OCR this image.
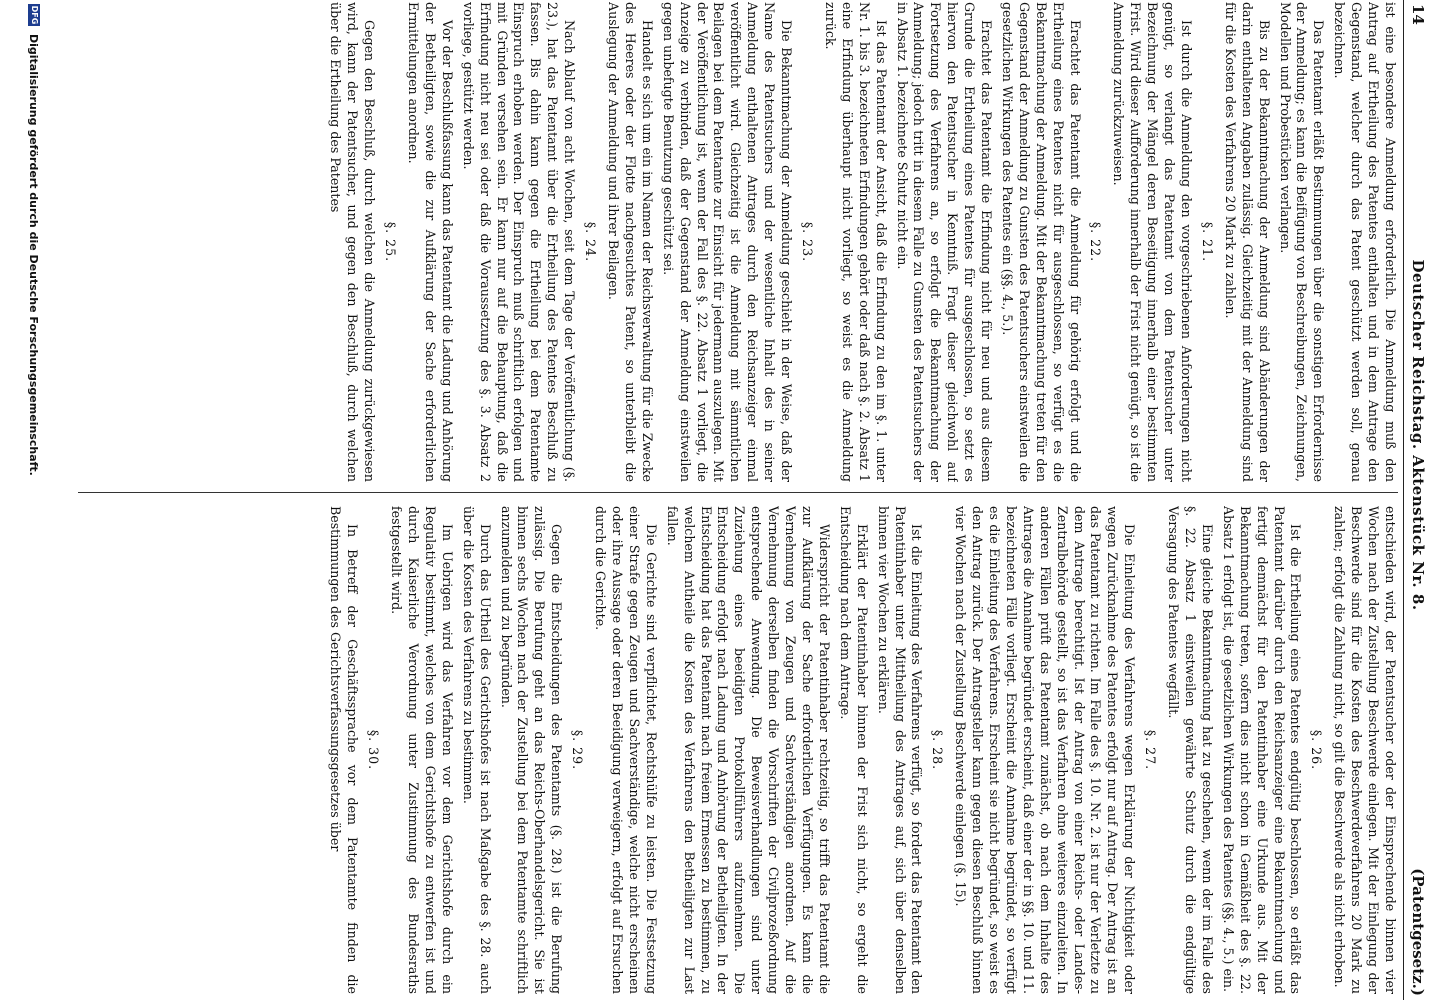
14
Deutscher Reichstag. Aktenstück Nr. 8.
(Patentgesetz.)

ist eine besondere Anmeldung erforderlich. Die Anmeldung muß den Antrag auf Ertheilung des Patentes enthalten und in dem Antrage den Gegenstand, welcher durch das Patent geschützt werden soll, genau bezeichnen.

Das Patentamt erläßt Bestimmungen über die sonstigen Erfordernisse der Anmeldung; es kann die Beifügung von Beschreibungen, Zeichnungen, Modellen und Probestücken verlangen.

Bis zu der Bekanntmachung der Anmeldung sind Abänderungen der darin enthaltenen Angaben zulässig. Gleichzeitig mit der Anmeldung sind für die Kosten des Verfahrens 20 Mark zu zahlen.

§. 21.

Ist durch die Anmeldung den vorgeschriebenen Anforderungen nicht genügt, so verlangt das Patentamt von dem Patentsucher unter Bezeichnung der Mängel deren Beseitigung innerhalb einer bestimmten Frist. Wird dieser Aufforderung innerhalb der Frist nicht genügt, so ist die Anmeldung zurückzuweisen.

§. 22.

Erachtet das Patentamt die Anmeldung für gehörig erfolgt und die Ertheilung eines Patentes nicht für ausgeschlossen, so verfügt es die Bekanntmachung der Anmeldung. Mit der Bekanntmachung treten für den Gegenstand der Anmeldung zu Gunsten des Patentsuchers einstweilen die gesetzlichen Wirkungen des Patentes ein (§§. 4., 5.).

Erachtet das Patentamt die Erfindung nicht für neu und aus diesem Grunde die Ertheilung eines Patentes für ausgeschlossen, so setzt es hiervon den Patentsucher in Kenntniß. Fragt dieser gleichwohl auf Fortsetzung des Verfahrens an, so erfolgt die Bekanntmachung der Anmeldung; jedoch tritt in diesem Falle zu Gunsten des Patentsuchers der in Absatz 1. bezeichnete Schutz nicht ein.

Ist das Patentamt der Ansicht, daß die Erfindung zu den im §. 1. unter Nr. 1. bis 3. bezeichneten Erfindungen gehört oder daß nach §. 2. Absatz 1 eine Erfindung überhaupt nicht vorliegt, so weist es die Anmeldung zurück.

§. 23.

Die Bekanntmachung der Anmeldung geschieht in der Weise, daß der Name des Patentsuchers und der wesentliche Inhalt des in seiner Anmeldung enthaltenen Antrages durch den Reichsanzeiger einmal veröffentlicht wird. Gleichzeitig ist die Anmeldung mit sämmtlichen Beilagen bei dem Patentamte zur Einsicht für jedermann auszulegen. Mit der Veröffentlichung ist, wenn der Fall des §. 22. Absatz 1 vorliegt, die Anzeige zu verbinden, daß der Gegenstand der Anmeldung einstweilen gegen unbefugte Benutzung geschützt sei.

Handelt es sich um ein im Namen der Reichsverwaltung für die Zwecke des Heeres oder der Flotte nachgesuchtes Patent, so unterbleibt die Auslegung der Anmeldung und ihrer Beilagen.

§. 24.

Nach Ablauf von acht Wochen, seit dem Tage der Veröffentlichung (§. 23.), hat das Patentamt über die Ertheilung des Patentes Beschluß zu fassen. Bis dahin kann gegen die Ertheilung bei dem Patentamte Einspruch erhoben werden. Der Einspruch muß schriftlich erfolgen und mit Gründen versehen sein. Er kann nur auf die Behauptung, daß die Erfindung nicht neu sei oder daß die Voraussetzung des §. 3. Absatz 2 vorliege, gestützt werden.

Vor der Beschlußfassung kann das Patentamt die Ladung und Anhörung der Betheiligten, sowie die zur Aufklärung der Sache erforderlichen Ermittelungen anordnen.

§. 25.

Gegen den Beschluß, durch welchen die Anmeldung zurückgewiesen wird, kann der Patentsucher, und gegen den Beschluß, durch welchen über die Ertheilung des Patentes

entschieden wird, der Patentsucher oder der Einsprechende binnen vier Wochen nach der Zustellung Beschwerde einlegen. Mit der Einlegung der Beschwerde sind für die Kosten des Beschwerdeverfahrens 20 Mark zu zahlen; erfolgt die Zahlung nicht, so gilt die Beschwerde als nicht erhoben.

§. 26.

Ist die Ertheilung eines Patentes endgültig beschlossen, so erläßt das Patentamt darüber durch den Reichsanzeiger eine Bekanntmachung und fertigt demnächst für den Patentinhaber eine Urkunde aus. Mit der Bekanntmachung treten, sofern dies nicht schon in Gemäßheit des §. 22. Absatz 1 erfolgt ist, die gesetzlichen Wirkungen des Patentes (§§. 4., 5.) ein.

Eine gleiche Bekanntmachung hat zu geschehen, wenn der im Falle des §. 22. Absatz 1 einstweilen gewährte Schutz durch die endgültige Versagung des Patentes wegfällt.

§. 27.

Die Einleitung des Verfahrens wegen Erklärung der Nichtigkeit oder wegen Zurücknahme des Patentes erfolgt nur auf Antrag. Der Antrag ist an das Patentamt zu richten. Im Falle des §. 10. Nr. 2. ist nur der Verletzte zu dem Antrage berechtigt. Ist der Antrag von einer Reichs- oder Landes-Zentralbehörde gestellt, so ist das Verfahren ohne weiteres einzuleiten. In anderen Fällen prüft das Patentamt zunächst, ob nach dem Inhalte des Antrages die Annahme begründet erscheint, daß einer der in §§. 10. und 11. bezeichneten Fälle vorliegt. Erscheint die Annahme begründet, so verfügt es die Einleitung des Verfahrens. Erscheint sie nicht begründet, so weist es den Antrag zurück. Der Antragsteller kann gegen diesen Beschluß binnen vier Wochen nach der Zustellung Beschwerde einlegen (§. 15).

§. 28.

Ist die Einleitung des Verfahrens verfügt, so fordert das Patentamt den Patentinhaber unter Mittheilung des Antrages auf, sich über denselben binnen vier Wochen zu erklären.

Erklärt der Patentinhaber binnen der Frist sich nicht, so ergeht die Entscheidung nach dem Antrage.

Widerspricht der Patentinhaber rechtzeitig, so trifft das Patentamt die zur Aufklärung der Sache erforderlichen Verfügungen. Es kann die Vernehmung von Zeugen und Sachverständigen anordnen. Auf die Vernehmung derselben finden die Vorschriften der Civilprozeßordnung entsprechende Anwendung. Die Beweisverhandlungen sind unter Zuziehung eines beeidigten Protokollführers aufzunehmen. Die Entscheidung erfolgt nach Ladung und Anhörung der Betheiligten. In der Entscheidung hat das Patentamt nach freiem Ermessen zu bestimmen, zu welchem Antheile die Kosten des Verfahrens den Betheiligten zur Last fallen.

Die Gerichte sind verpflichtet, Rechtshülfe zu leisten. Die Festsetzung einer Strafe gegen Zeugen und Sachverständige, welche nicht erscheinen oder ihre Aussage oder deren Beeidigung verweigern, erfolgt auf Ersuchen durch die Gerichte.

§. 29.

Gegen die Entscheidungen des Patentamts (§. 28.) ist die Berufung zulässig. Die Berufung geht an das Reichs-Oberhandelsgericht. Sie ist binnen sechs Wochen nach der Zustellung bei dem Patentamte schriftlich anzumelden und zu begründen.

Durch das Urtheil des Gerichtshofes ist nach Maßgabe des §. 28. auch über die Kosten des Verfahrens zu bestimmen.

Im Uebrigen wird das Verfahren vor dem Gerichtshofe durch ein Regulativ bestimmt, welches von dem Gerichtshofe zu entwerfen ist und durch Kaiserliche Verordnung unter Zustimmung des Bundesraths festgestellt wird.

§. 30.

In Betreff der Geschäftssprache vor dem Patentamte finden die Bestimmungen des Gerichtsverfassungsgesetzes über

DFG
Digitalisierung gefördert durch die Deutsche Forschungsgemeinschaft.
